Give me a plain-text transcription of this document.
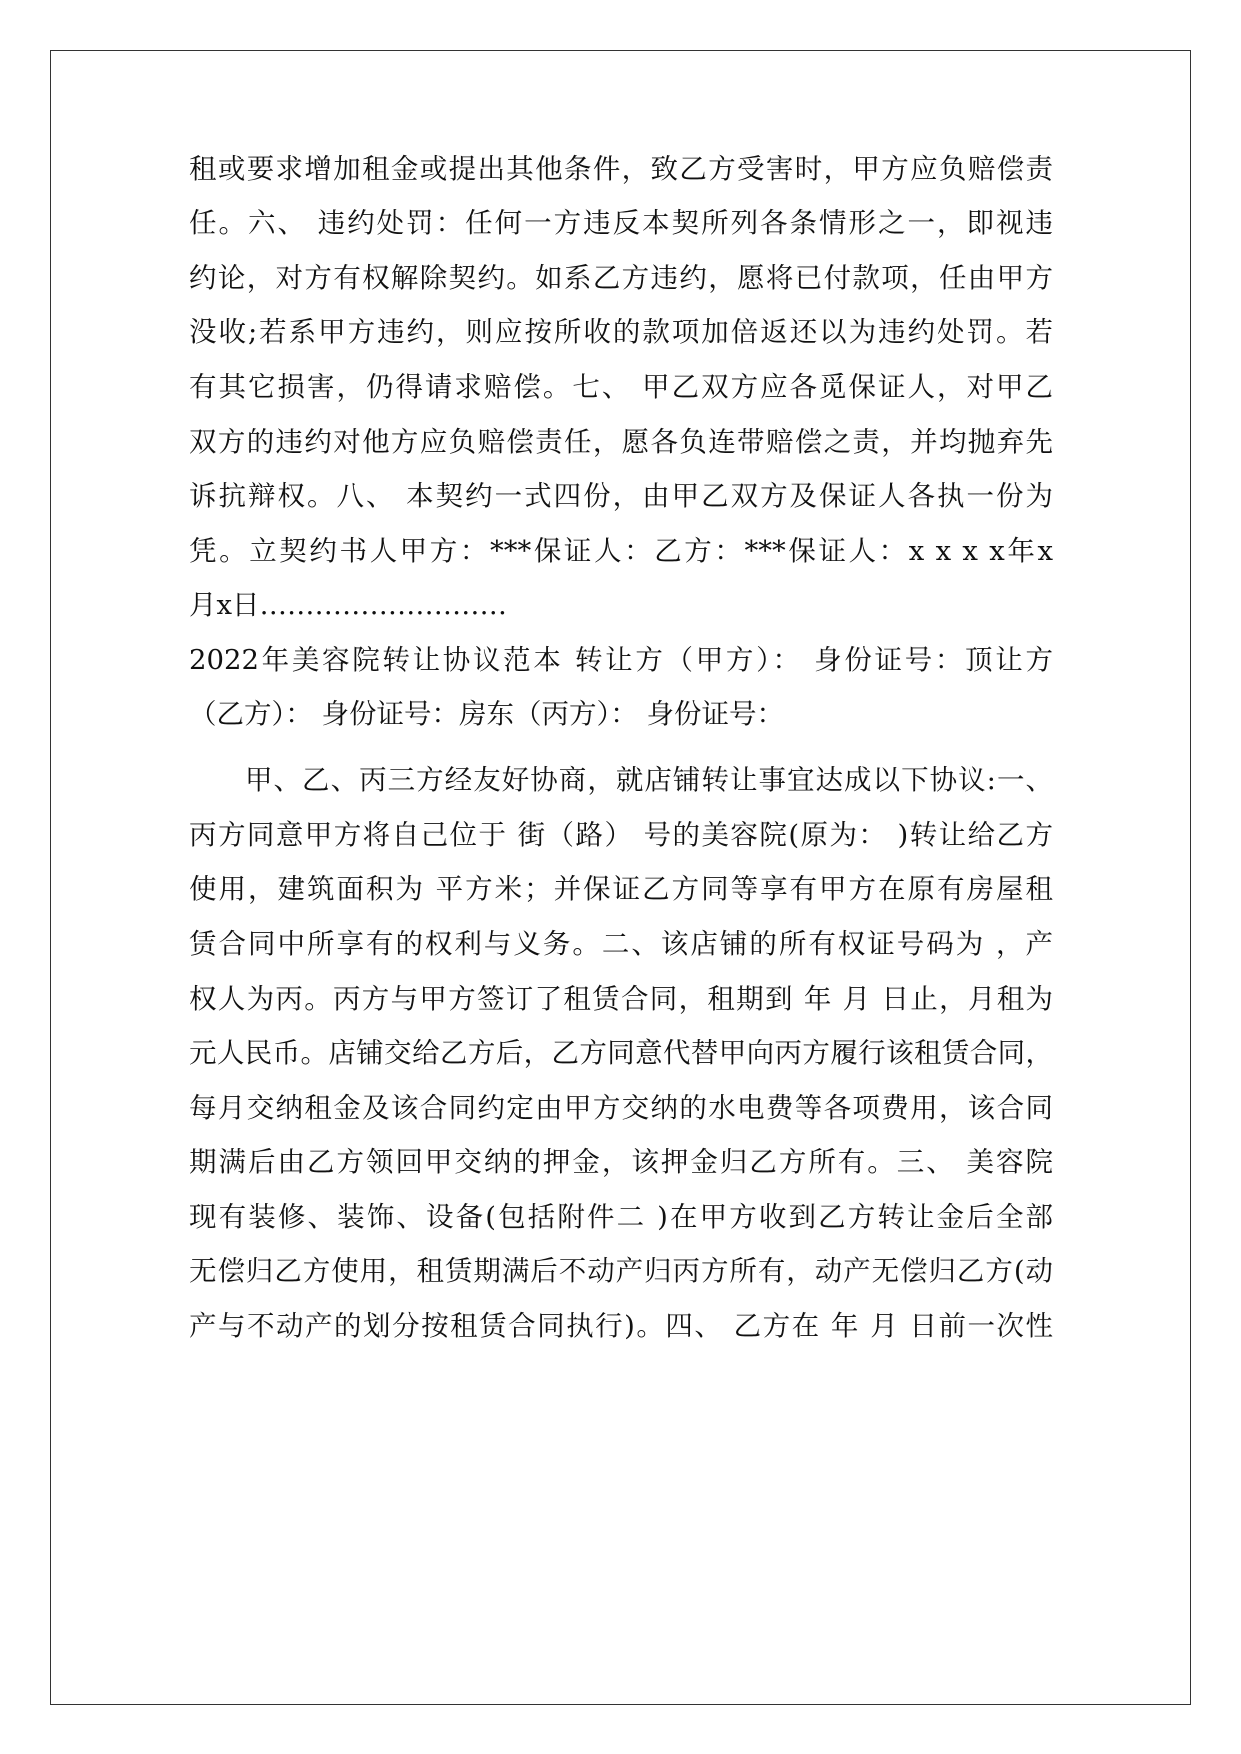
租或要求增加租金或提出其他条件，致乙方受害时，甲方应负赔偿责
任。六、 违约处罚：任何一方违反本契所列各条情形之一，即视违
约论，对方有权解除契约。如系乙方违约，愿将已付款项，任由甲方
没收;若系甲方违约，则应按所收的款项加倍返还以为违约处罚。若
有其它损害，仍得请求赔偿。七、 甲乙双方应各觅保证人，对甲乙
双方的违约对他方应负赔偿责任，愿各负连带赔偿之责，并均抛弃先
诉抗辩权。八、 本契约一式四份，由甲乙双方及保证人各执一份为
凭。立契约书人甲方：***保证人：乙方：***保证人：x x x x年x
月x日………………………
2022年美容院转让协议范本 转让方（甲方）： 身份证号：顶让方
（乙方）： 身份证号：房东（丙方）： 身份证号：
甲、乙、丙三方经友好协商，就店铺转让事宜达成以下协议:一、
丙方同意甲方将自己位于 街（路） 号的美容院(原为： )转让给乙方
使用，建筑面积为 平方米；并保证乙方同等享有甲方在原有房屋租
赁合同中所享有的权利与义务。二、该店铺的所有权证号码为 ，产
权人为丙。丙方与甲方签订了租赁合同，租期到 年 月 日止，月租为
元人民币。店铺交给乙方后，乙方同意代替甲向丙方履行该租赁合同，
每月交纳租金及该合同约定由甲方交纳的水电费等各项费用，该合同
期满后由乙方领回甲交纳的押金，该押金归乙方所有。三、 美容院
现有装修、装饰、设备(包括附件二 )在甲方收到乙方转让金后全部
无偿归乙方使用，租赁期满后不动产归丙方所有，动产无偿归乙方(动
产与不动产的划分按租赁合同执行)。四、 乙方在 年 月 日前一次性
